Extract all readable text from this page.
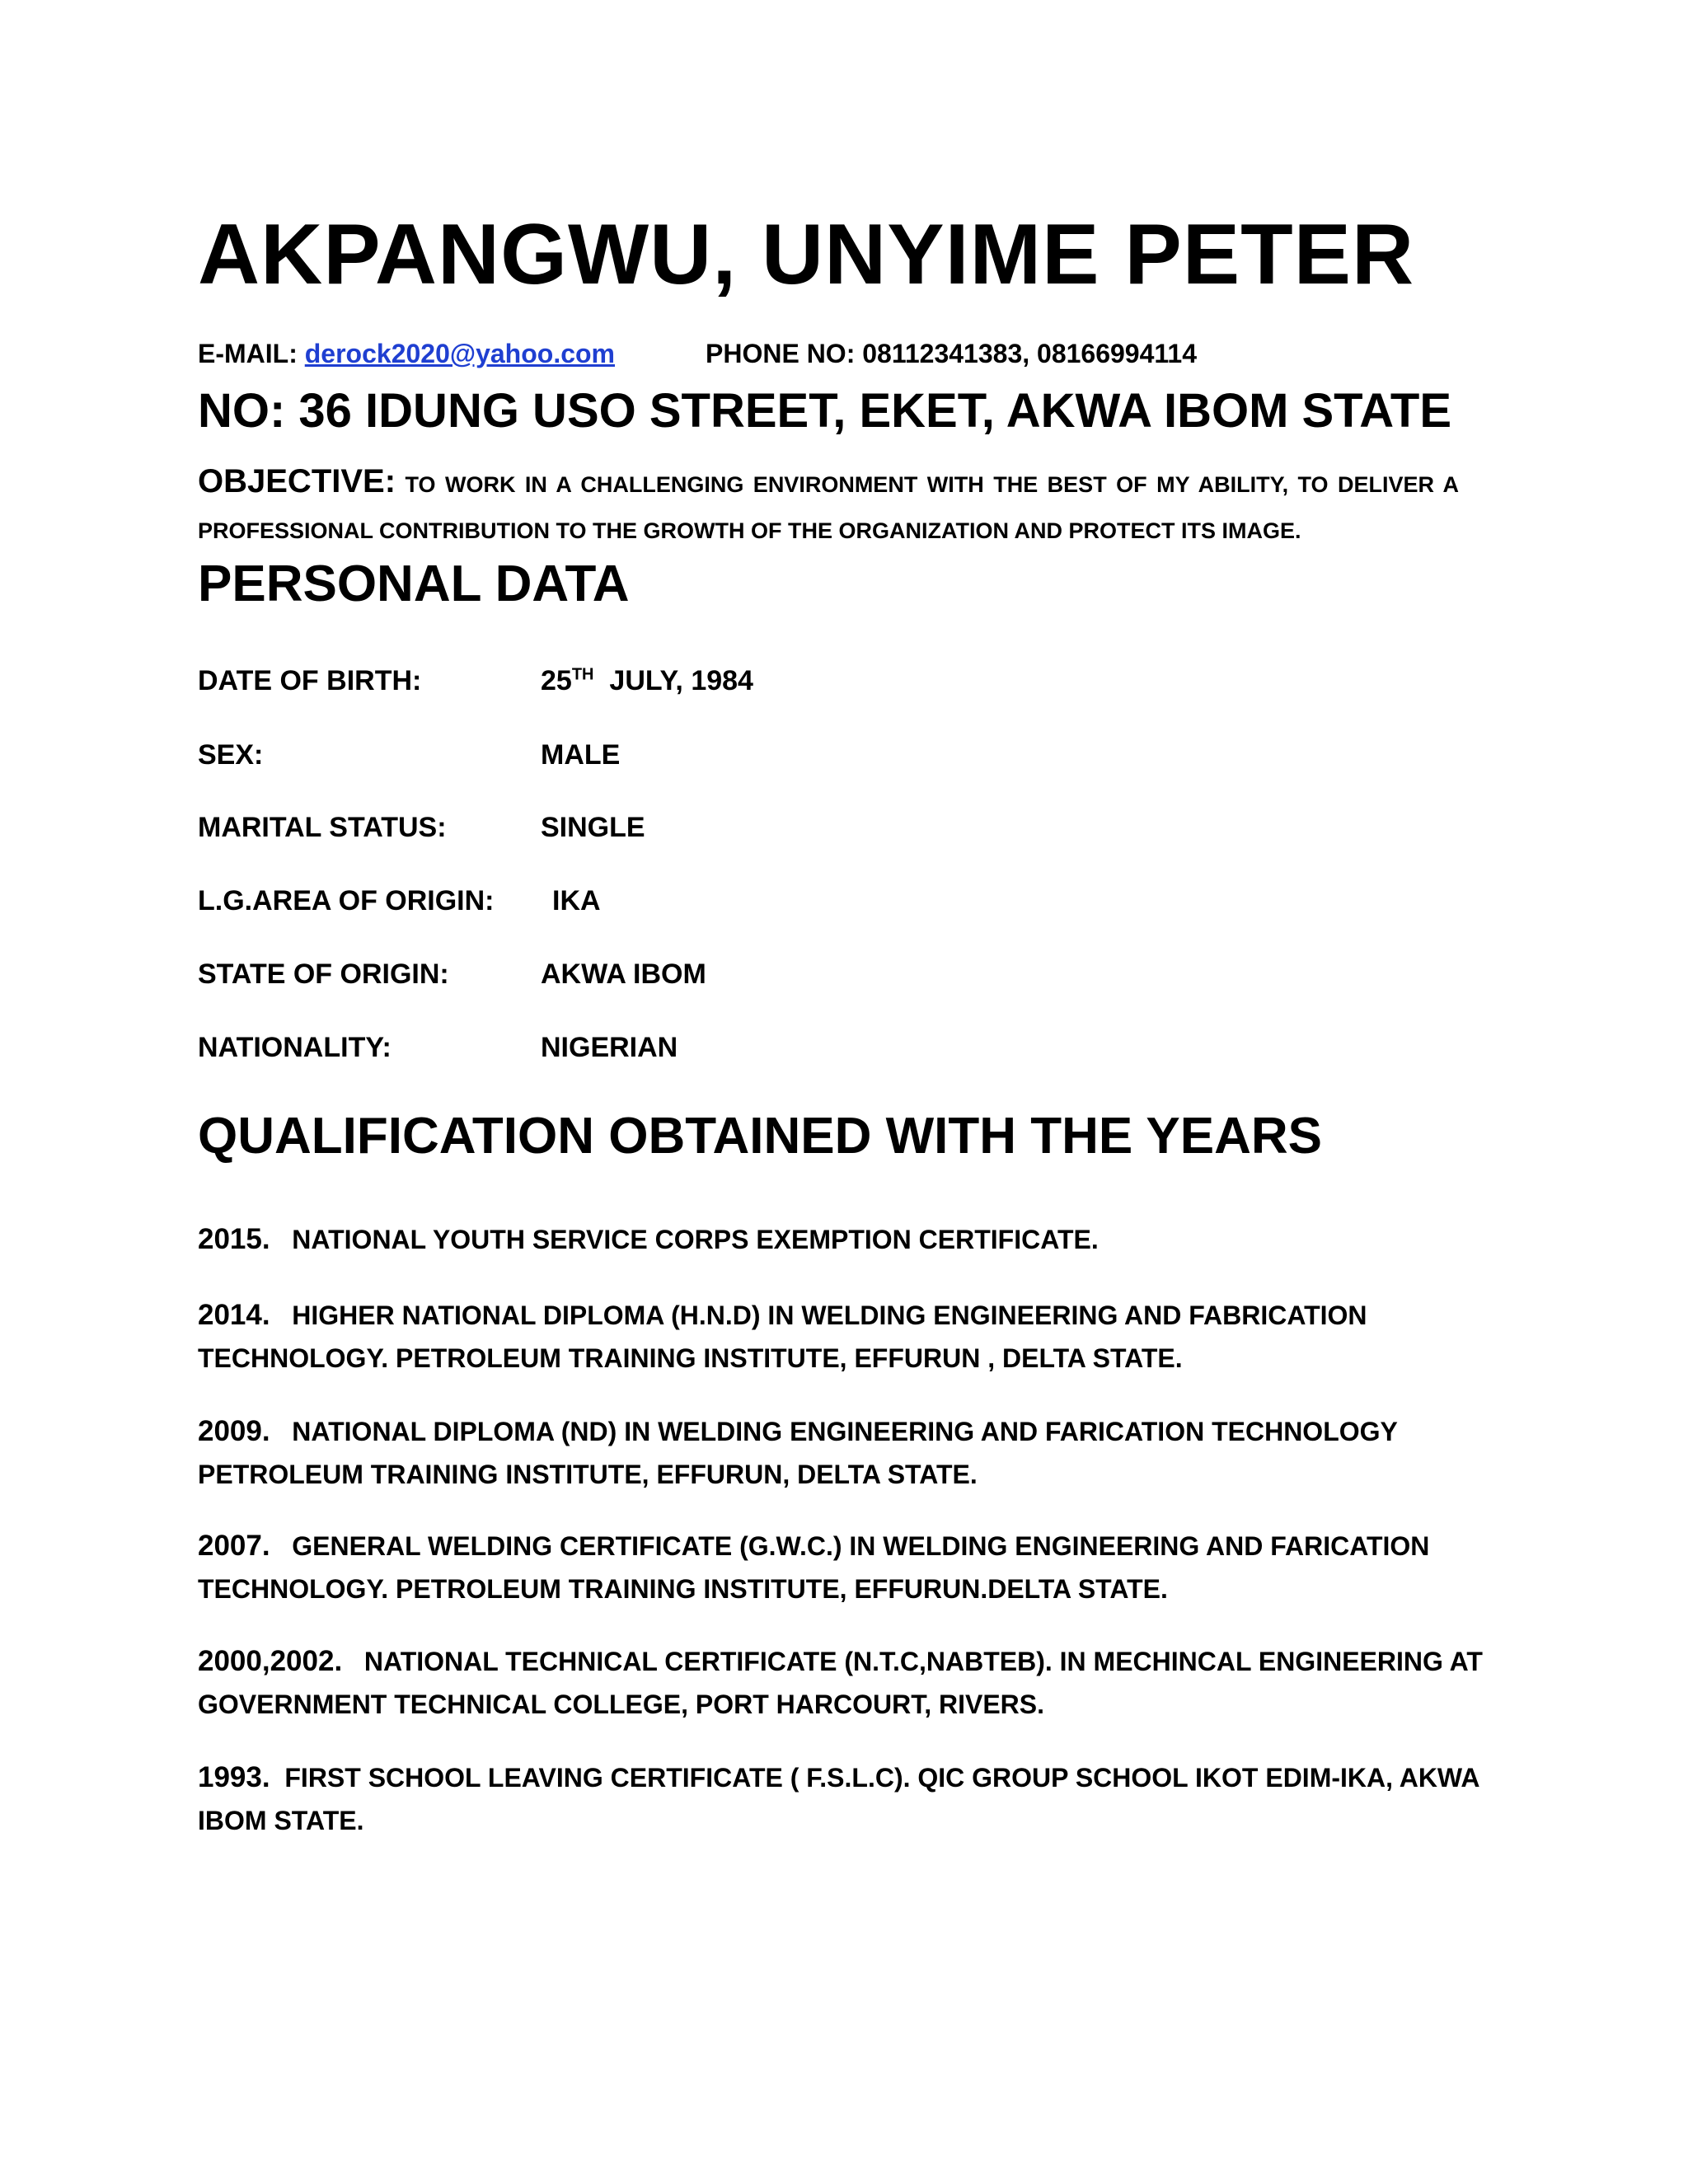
AKPANGWU, UNYIME PETER
E-MAIL: derock2020@yahoo.com	PHONE NO: 08112341383, 08166994114
NO: 36 IDUNG USO STREET, EKET, AKWA IBOM STATE
OBJECTIVE: TO WORK IN A CHALLENGING ENVIRONMENT WITH THE BEST OF MY ABILITY, TO DELIVER A PROFESSIONAL CONTRIBUTION TO THE GROWTH OF THE ORGANIZATION AND PROTECT ITS IMAGE.
PERSONAL DATA
DATE OF BIRTH:	25TH JULY, 1984
SEX:	MALE
MARITAL STATUS:	SINGLE
L.G.AREA OF ORIGIN: IKA
STATE OF ORIGIN:	AKWA IBOM
NATIONALITY:	NIGERIAN
QUALIFICATION OBTAINED WITH THE YEARS
2015. NATIONAL YOUTH SERVICE CORPS EXEMPTION CERTIFICATE.
2014. HIGHER NATIONAL DIPLOMA (H.N.D) IN WELDING ENGINEERING AND FABRICATION TECHNOLOGY. PETROLEUM TRAINING INSTITUTE, EFFURUN , DELTA STATE.
2009. NATIONAL DIPLOMA (ND) IN WELDING ENGINEERING AND FARICATION TECHNOLOGY PETROLEUM TRAINING INSTITUTE, EFFURUN, DELTA STATE.
2007. GENERAL WELDING CERTIFICATE (G.W.C.) IN WELDING ENGINEERING AND FARICATION TECHNOLOGY. PETROLEUM TRAINING INSTITUTE, EFFURUN.DELTA STATE.
2000,2002. NATIONAL TECHNICAL CERTIFICATE (N.T.C,NABTEB). IN MECHINCAL ENGINEERING AT GOVERNMENT TECHNICAL COLLEGE, PORT HARCOURT, RIVERS.
1993. FIRST SCHOOL LEAVING CERTIFICATE ( F.S.L.C). QIC GROUP SCHOOL IKOT EDIM-IKA, AKWA IBOM STATE.
